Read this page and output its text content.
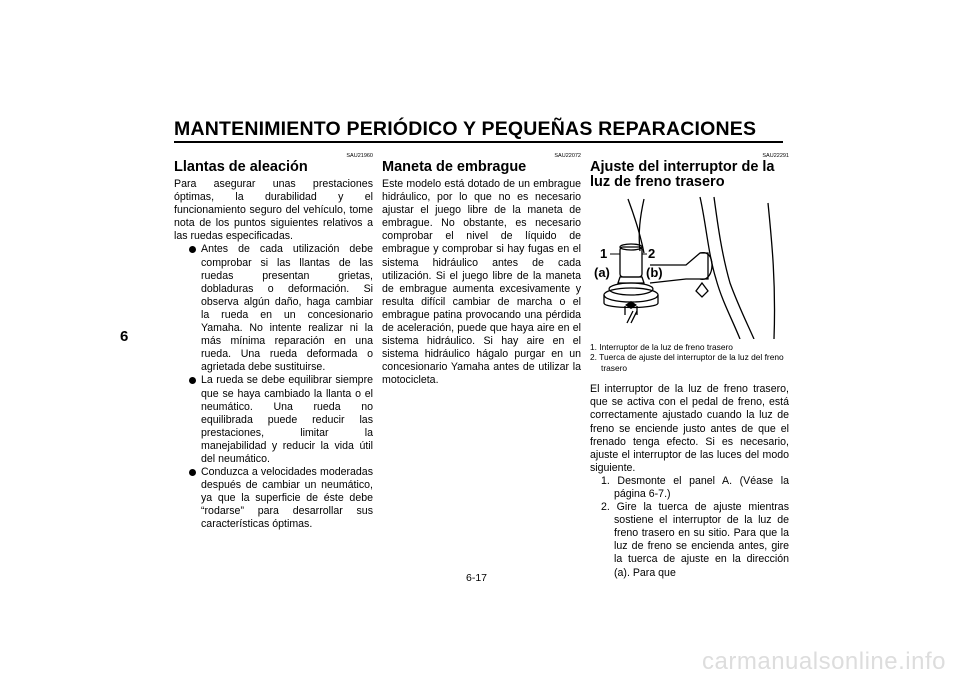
MANTENIMIENTO PERIÓDICO Y PEQUEÑAS REPARACIONES
6
SAU21960
Llantas de aleación

Para asegurar unas prestaciones óptimas, la durabilidad y el funcionamiento seguro del vehículo, tome nota de los puntos siguientes relativos a las ruedas especificadas.

Antes de cada utilización debe comprobar si las llantas de las ruedas presentan grietas, dobladuras o deformación. Si observa algún daño, haga cambiar la rueda en un concesionario Yamaha. No intente realizar ni la más mínima reparación en una rueda. Una rueda deformada o agrietada debe sustituirse.
La rueda se debe equilibrar siempre que se haya cambiado la llanta o el neumático. Una rueda no equilibrada puede reducir las prestaciones, limitar la manejabilidad y reducir la vida útil del neumático.
Conduzca a velocidades moderadas después de cambiar un neumático, ya que la superficie de éste debe “rodarse” para desarrollar sus características óptimas.
SAU22072
Maneta de embrague

Este modelo está dotado de un embrague hidráulico, por lo que no es necesario ajustar el juego libre de la maneta de embrague. No obstante, es necesario comprobar el nivel de líquido de embrague y comprobar si hay fugas en el sistema hidráulico antes de cada utilización. Si el juego libre de la maneta de embrague aumenta excesivamente y resulta difícil cambiar de marcha o el embrague patina provocando una pérdida de aceleración, puede que haya aire en el sistema hidráulico. Si hay aire en el sistema hidráulico hágalo purgar en un concesionario Yamaha antes de utilizar la motocicleta.

SAU22291
Ajuste del interruptor de la luz de freno trasero
1	2
(a)	(b)
1. Interruptor de la luz de freno trasero
2. Tuerca de ajuste del interruptor de la luz del freno trasero

El interruptor de la luz de freno trasero, que se activa con el pedal de freno, está correctamente ajustado cuando la luz de freno se enciende justo antes de que el frenado tenga efecto. Si es necesario, ajuste el interruptor de las luces del modo siguiente.

1. Desmonte el panel A. (Véase la página 6-7.)
2. Gire la tuerca de ajuste mientras sostiene el interruptor de la luz de freno trasero en su sitio. Para que la luz de freno se encienda antes, gire la tuerca de ajuste en la dirección (a). Para que
6-17
carmanualsonline.info
